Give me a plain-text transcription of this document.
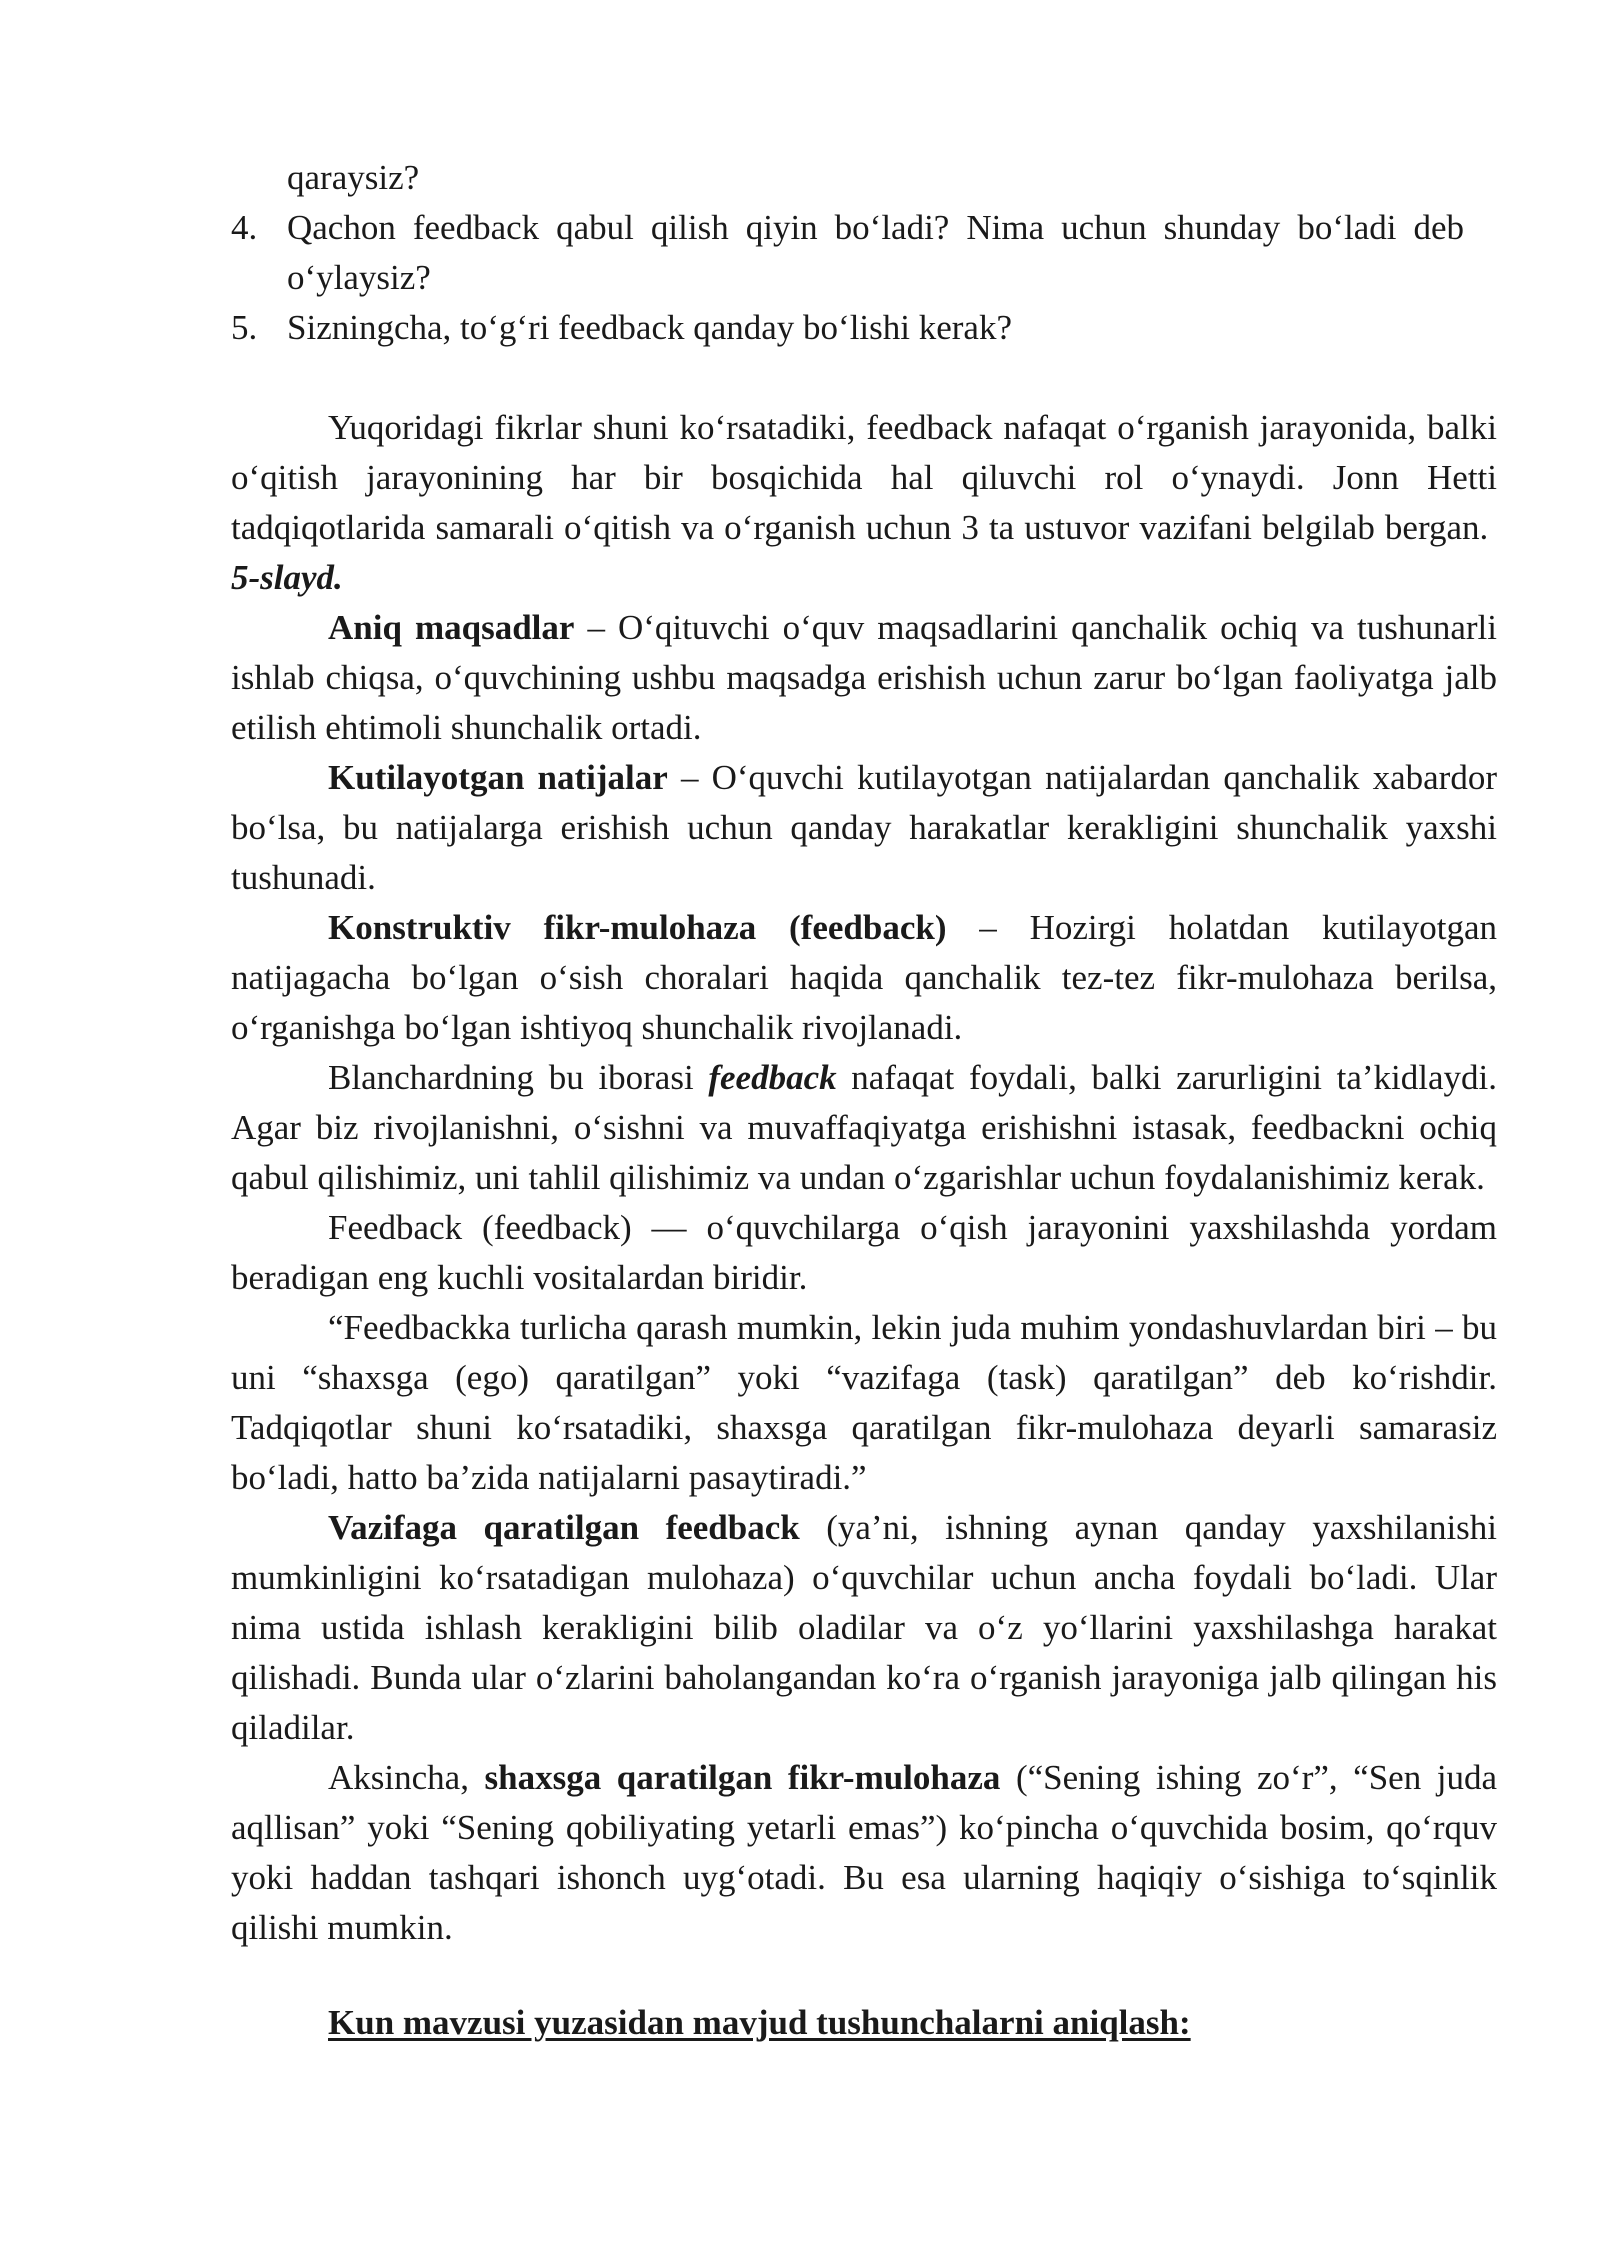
qaraysiz?

4. Qachon feedback qabul qilish qiyin bo‘ladi? Nima uchun shunday bo‘ladi deb o‘ylaysiz?
5. Sizningcha, to‘g‘ri feedback qanday bo‘lishi kerak?

Yuqoridagi fikrlar shuni ko‘rsatadiki, feedback nafaqat o‘rganish jarayonida, balki o‘qitish jarayonining har bir bosqichida hal qiluvchi rol o‘ynaydi. Jonn Hetti tadqiqotlarida samarali o‘qitish va o‘rganish uchun 3 ta ustuvor vazifani belgilab bergan.  5-slayd.

Aniq maqsadlar – O‘qituvchi o‘quv maqsadlarini qanchalik ochiq va tushunarli ishlab chiqsa, o‘quvchining ushbu maqsadga erishish uchun zarur bo‘lgan faoliyatga jalb etilish ehtimoli shunchalik ortadi.

Kutilayotgan natijalar – O‘quvchi kutilayotgan natijalardan qanchalik xabardor bo‘lsa, bu natijalarga erishish uchun qanday harakatlar kerakligini shunchalik yaxshi tushunadi.

Konstruktiv fikr-mulohaza (feedback) – Hozirgi holatdan kutilayotgan natijagacha bo‘lgan o‘sish choralari haqida qanchalik tez-tez fikr-mulohaza berilsa, o‘rganishga bo‘lgan ishtiyoq shunchalik rivojlanadi.

Blanchardning bu iborasi feedback nafaqat foydali, balki zarurligini ta’kidlaydi. Agar biz rivojlanishni, o‘sishni va muvaffaqiyatga erishishni istasak, feedbackni ochiq qabul qilishimiz, uni tahlil qilishimiz va undan o‘zgarishlar uchun foydalanishimiz kerak.

Feedback (feedback) — o‘quvchilarga o‘qish jarayonini yaxshilashda yordam beradigan eng kuchli vositalardan biridir.

“Feedbackka turlicha qarash mumkin, lekin juda muhim yondashuvlardan biri – bu uni “shaxsga (ego) qaratilgan” yoki “vazifaga (task) qaratilgan” deb ko‘rishdir. Tadqiqotlar shuni ko‘rsatadiki, shaxsga qaratilgan fikr-mulohaza deyarli samarasiz bo‘ladi, hatto ba’zida natijalarni pasaytiradi.”

Vazifaga qaratilgan feedback (ya’ni, ishning aynan qanday yaxshilanishi mumkinligini ko‘rsatadigan mulohaza) o‘quvchilar uchun ancha foydali bo‘ladi. Ular nima ustida ishlash kerakligini bilib oladilar va o‘z yo‘llarini yaxshilashga harakat qilishadi. Bunda ular o‘zlarini baholangandan ko‘ra o‘rganish jarayoniga jalb qilingan his qiladilar.

Aksincha, shaxsga qaratilgan fikr-mulohaza (“Sening ishing zo‘r”, “Sen juda aqllisan” yoki “Sening qobiliyating yetarli emas”) ko‘pincha o‘quvchida bosim, qo‘rquv yoki haddan tashqari ishonch uyg‘otadi. Bu esa ularning haqiqiy o‘sishiga to‘sqinlik qilishi mumkin.

Kun mavzusi yuzasidan mavjud tushunchalarni aniqlash:
